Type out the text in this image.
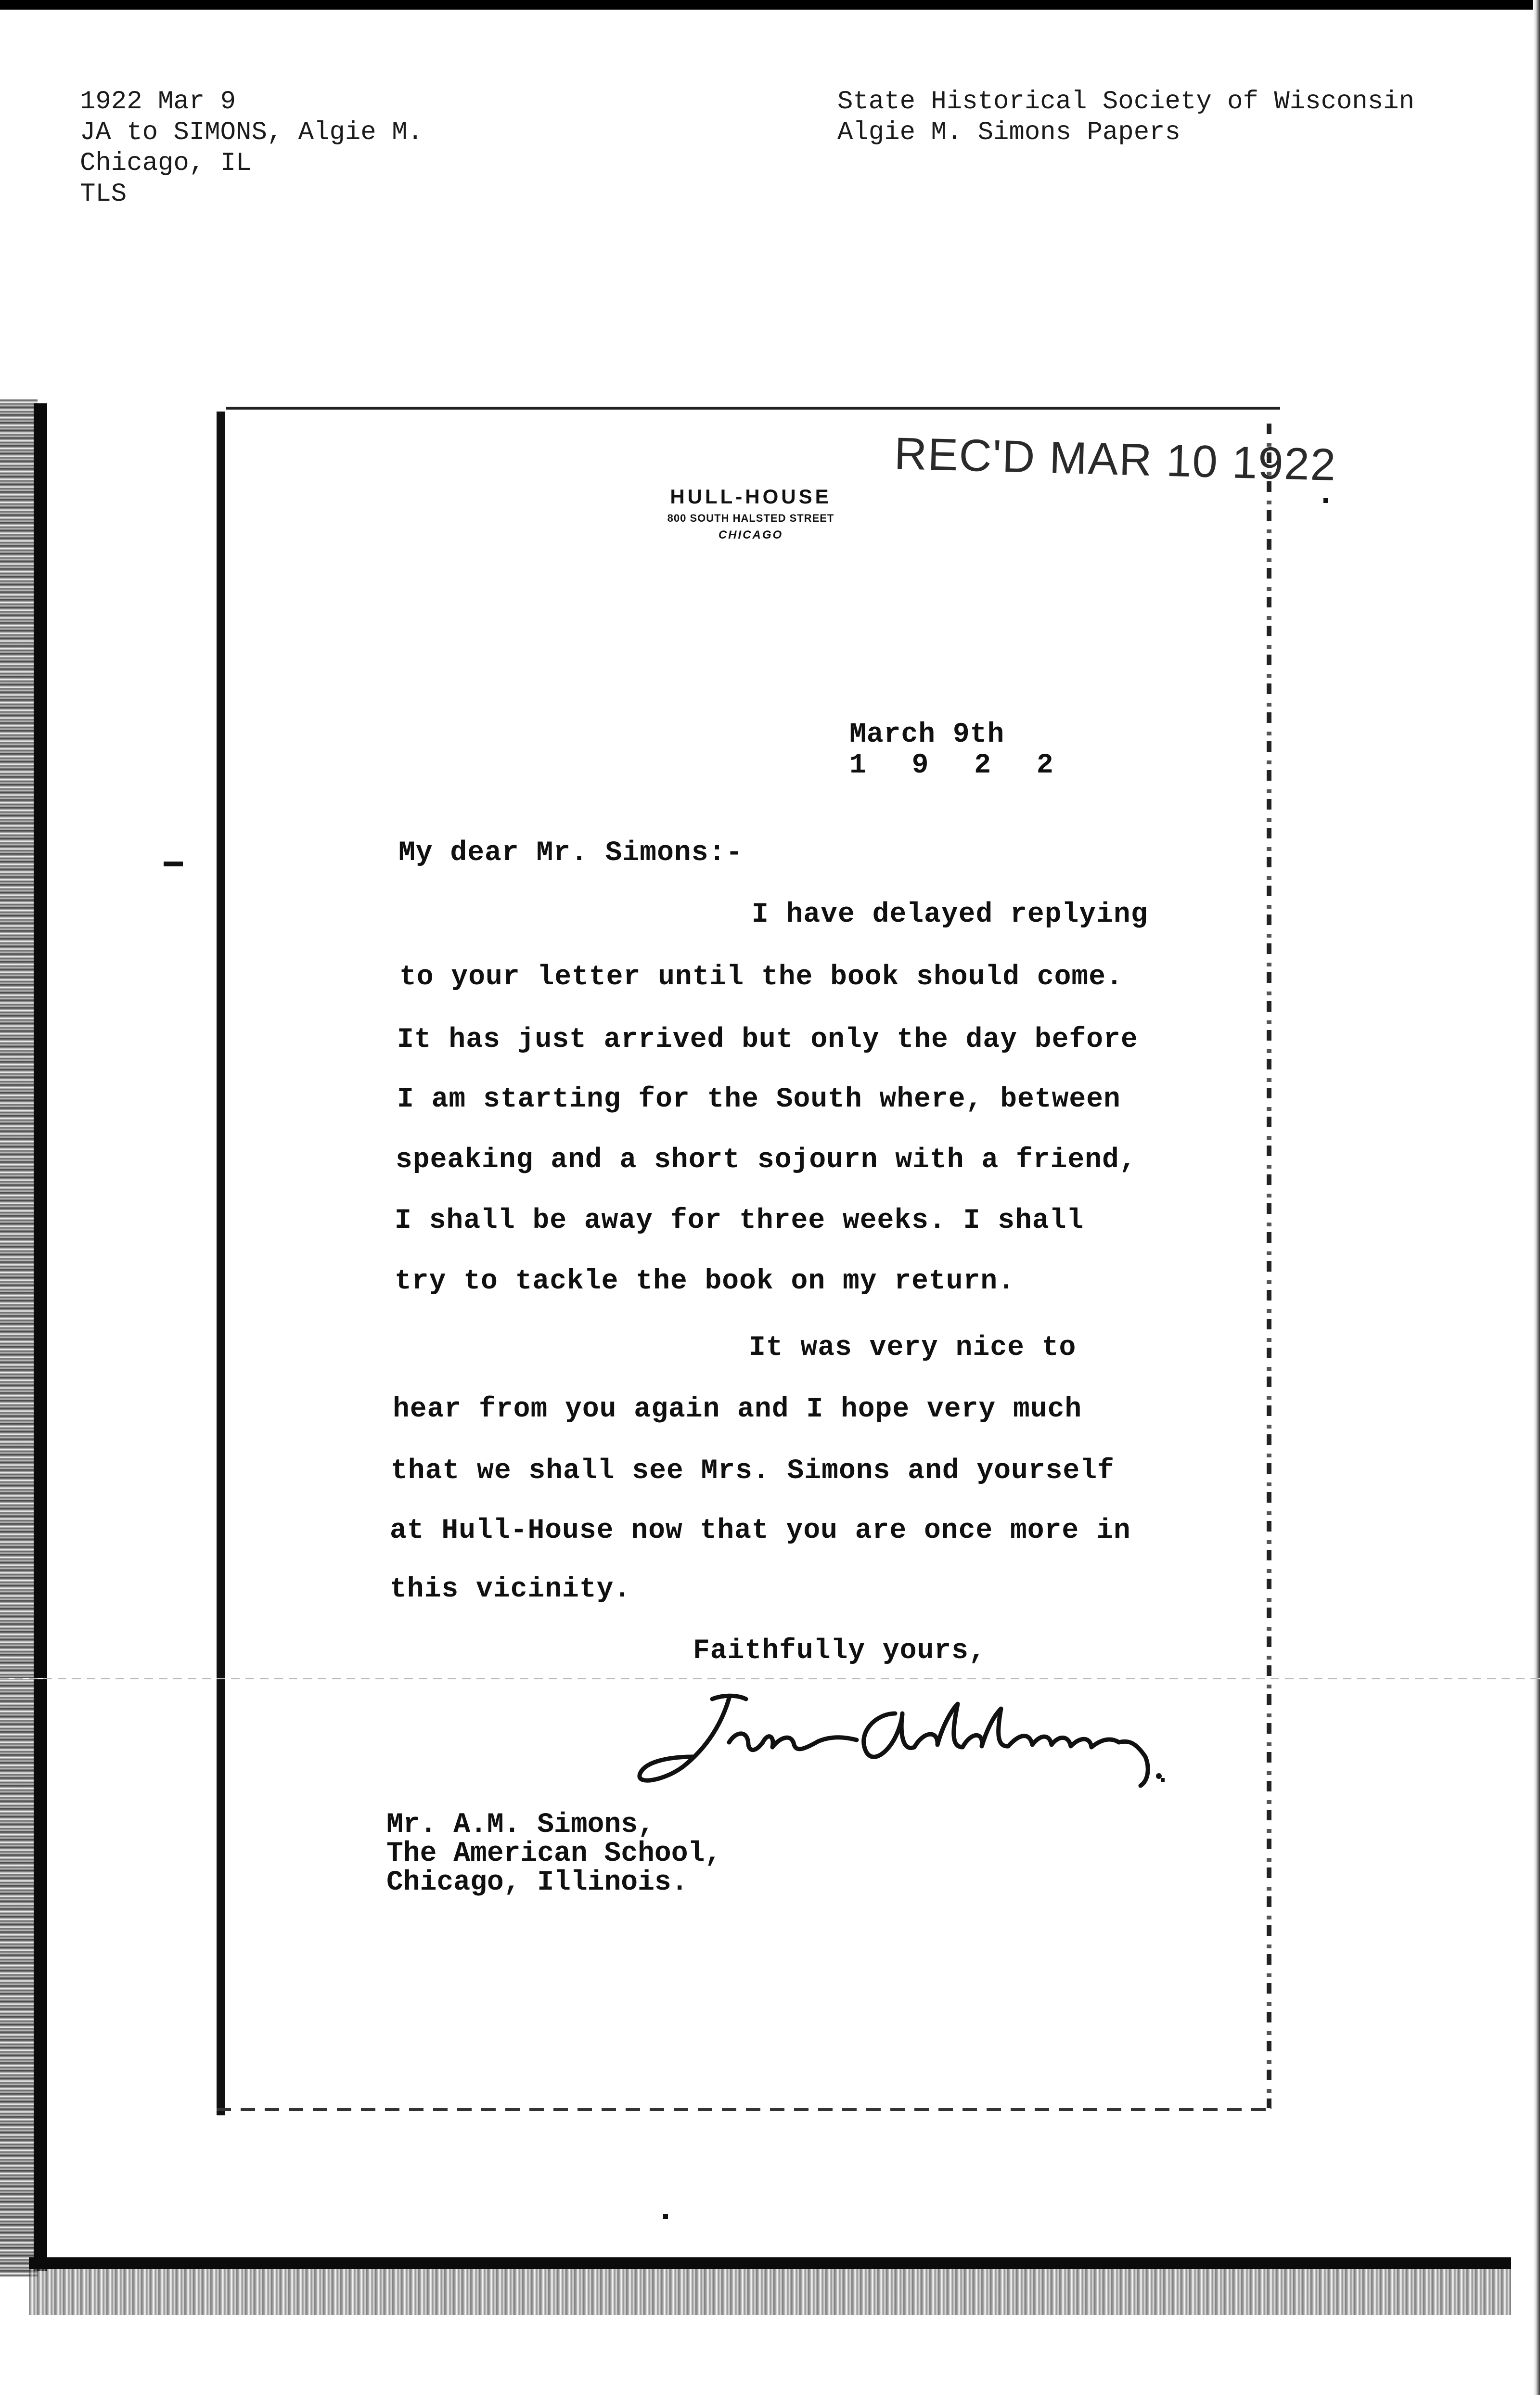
1922 Mar 9
JA to SIMONS, Algie M.
Chicago, IL
TLS
State Historical Society of Wisconsin
Algie M. Simons Papers
HULL-HOUSE
800 SOUTH HALSTED STREET
CHICAGO
REC'D MAR 10 1922
March 9th
1 9 2 2
My dear Mr. Simons:-
I have delayed replying
to your letter until the book should come.
It has just arrived but only the day before
I am starting for the South where, between
speaking and a short sojourn with a friend,
I shall be away for three weeks. I shall
try to tackle the book on my return.
It was very nice to
hear from you again and I hope very much
that we shall see Mrs. Simons and yourself
at Hull-House now that you are once more in
this vicinity.
Faithfully yours,
Mr. A.M. Simons,
The American School,
Chicago, Illinois.
